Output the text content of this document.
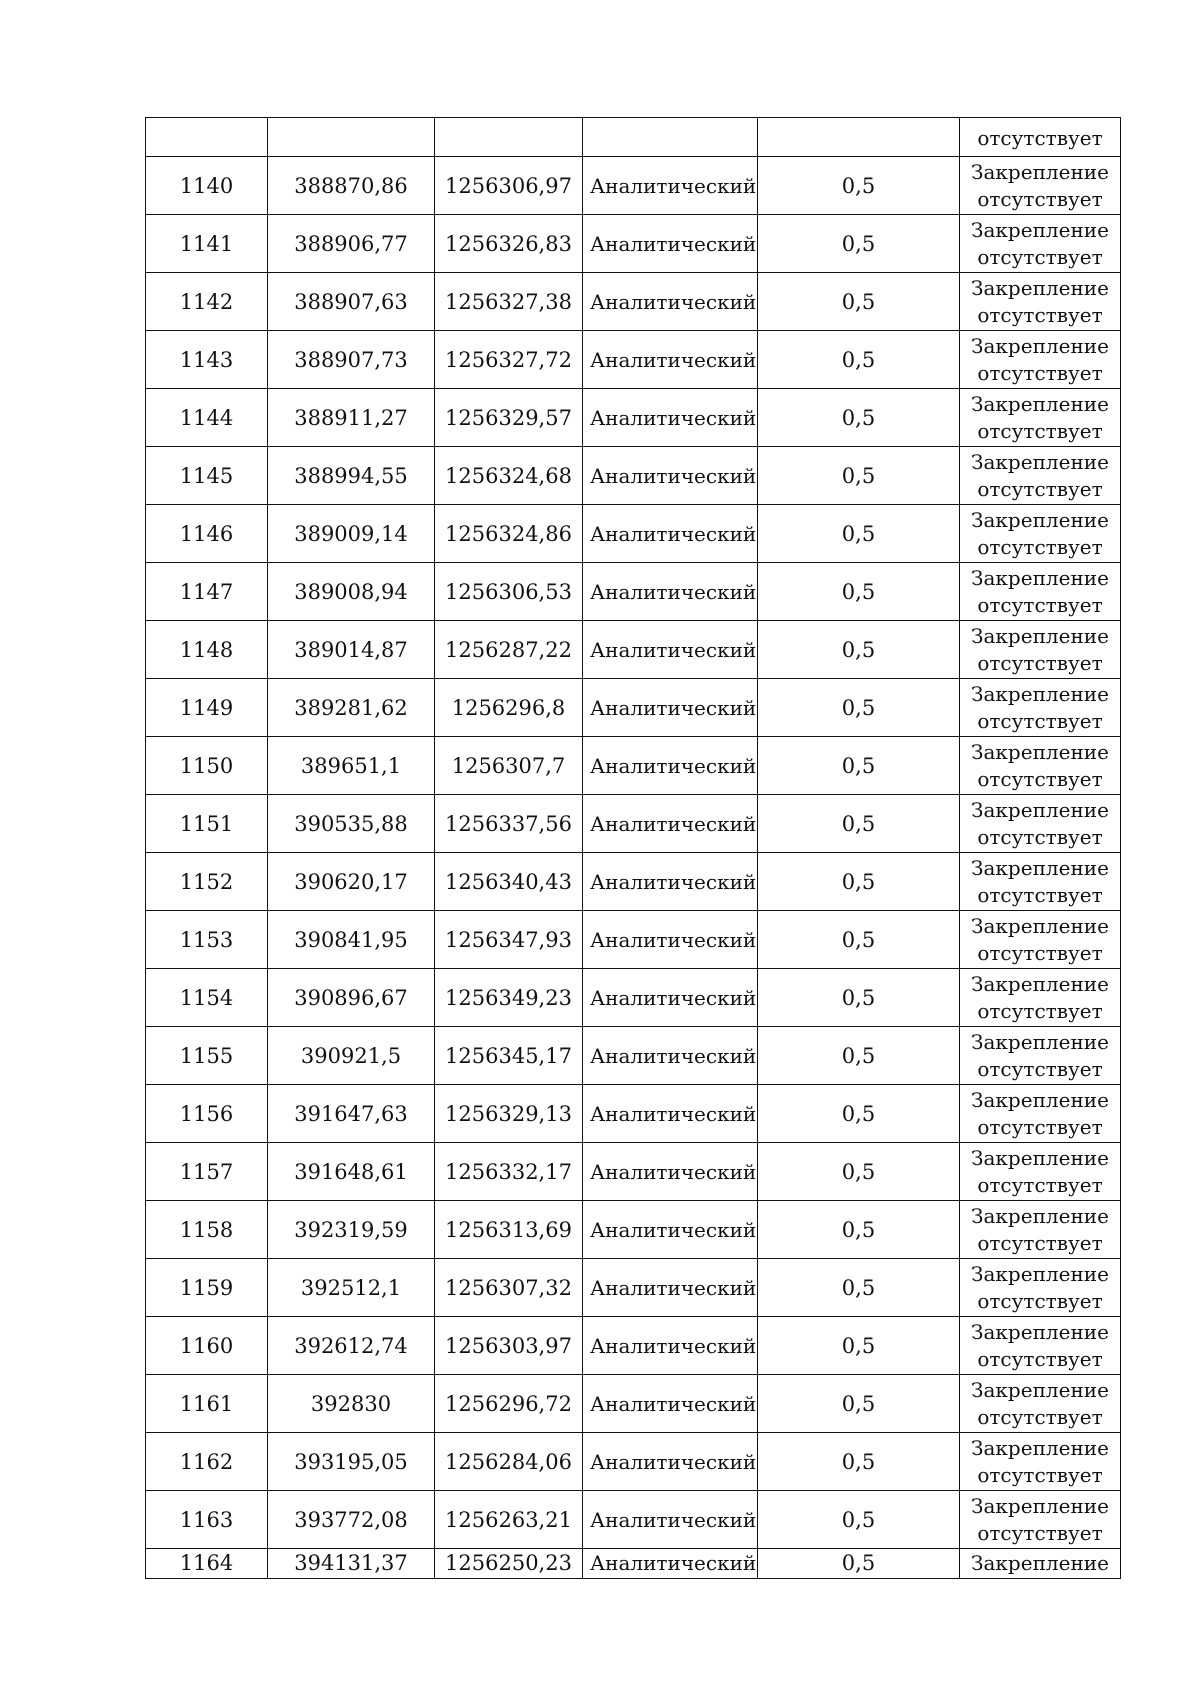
					отсутствует
1140	388870,86	1256306,97	Аналитический	0,5	Закрепление
отсутствует

1141	388906,77	1256326,83	Аналитический	0,5	Закрепление
отсутствует

1142	388907,63	1256327,38	Аналитический	0,5	Закрепление
отсутствует

1143	388907,73	1256327,72	Аналитический	0,5	Закрепление
отсутствует

1144	388911,27	1256329,57	Аналитический	0,5	Закрепление
отсутствует

1145	388994,55	1256324,68	Аналитический	0,5	Закрепление
отсутствует

1146	389009,14	1256324,86	Аналитический	0,5	Закрепление
отсутствует

1147	389008,94	1256306,53	Аналитический	0,5	Закрепление
отсутствует

1148	389014,87	1256287,22	Аналитический	0,5	Закрепление
отсутствует

1149	389281,62	1256296,8	Аналитический	0,5	Закрепление
отсутствует

1150	389651,1	1256307,7	Аналитический	0,5	Закрепление
отсутствует

1151	390535,88	1256337,56	Аналитический	0,5	Закрепление
отсутствует

1152	390620,17	1256340,43	Аналитический	0,5	Закрепление
отсутствует

1153	390841,95	1256347,93	Аналитический	0,5	Закрепление
отсутствует

1154	390896,67	1256349,23	Аналитический	0,5	Закрепление
отсутствует

1155	390921,5	1256345,17	Аналитический	0,5	Закрепление
отсутствует

1156	391647,63	1256329,13	Аналитический	0,5	Закрепление
отсутствует

1157	391648,61	1256332,17	Аналитический	0,5	Закрепление
отсутствует

1158	392319,59	1256313,69	Аналитический	0,5	Закрепление
отсутствует

1159	392512,1	1256307,32	Аналитический	0,5	Закрепление
отсутствует

1160	392612,74	1256303,97	Аналитический	0,5	Закрепление
отсутствует

1161	392830	1256296,72	Аналитический	0,5	Закрепление
отсутствует

1162	393195,05	1256284,06	Аналитический	0,5	Закрепление
отсутствует

1163	393772,08	1256263,21	Аналитический	0,5	Закрепление
отсутствует

1164	394131,37	1256250,23	Аналитический	0,5	Закрепление
